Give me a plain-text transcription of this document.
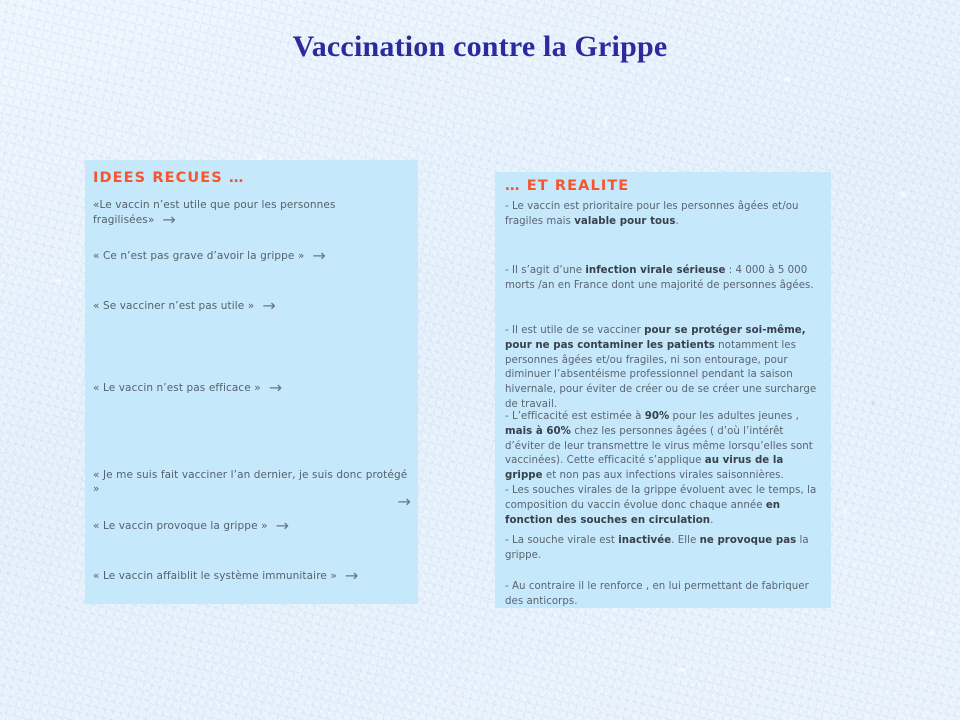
Vaccination contre la Grippe
IDEES RECUES …
«Le vaccin n’est utile que pour les personnes fragilisées» →
« Ce n’est pas grave d’avoir la grippe » →
« Se vacciner n’est pas utile » →
« Le vaccin n’est pas efficace » →
« Je me suis fait vacciner l’an dernier, je suis donc protégé »
→
« Le vaccin provoque la grippe » →
« Le vaccin affaiblit le système immunitaire » →
… ET REALITE
- Le vaccin est prioritaire pour les personnes âgées et/ou fragiles mais valable pour tous.
- Il s’agit d’une infection virale sérieuse : 4 000 à 5 000 morts /an en France dont une majorité de personnes âgées.
- Il est utile de se vacciner pour se protéger soi-même, pour ne pas contaminer les patients notamment les personnes âgées et/ou fragiles, ni son entourage, pour diminuer l’absentéisme professionnel pendant la saison hivernale, pour éviter de créer ou de se créer une surcharge de travail.
- L’efficacité est estimée à 90% pour les adultes jeunes , mais à 60% chez les personnes âgées ( d’où l’intérêt d’éviter de leur transmettre le virus même lorsqu’elles sont vaccinées). Cette efficacité s’applique au virus de la grippe et non pas aux infections virales saisonnières.
- Les souches virales de la grippe évoluent avec le temps, la composition du vaccin évolue donc chaque année en fonction des souches en circulation.
- La souche virale est inactivée. Elle ne provoque pas la grippe.
- Au contraire il le renforce , en lui permettant de fabriquer des anticorps.
